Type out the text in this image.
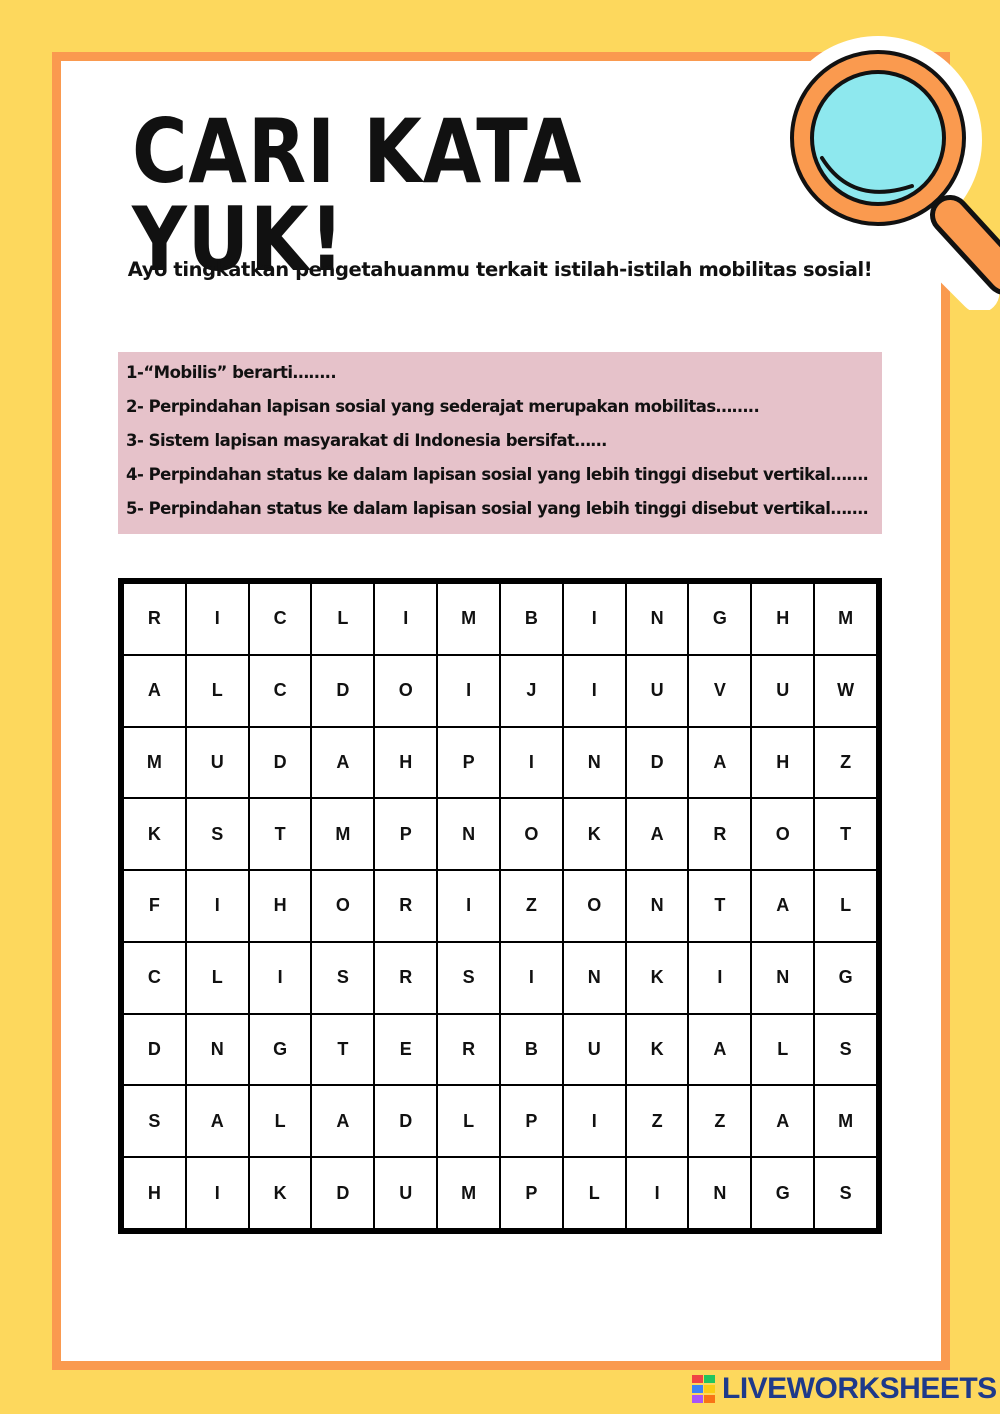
CARI KATA YUK!
Ayo tingkatkan pengetahuanmu terkait istilah-istilah mobilitas sosial!
1-“Mobilis” berarti……..
2- Perpindahan lapisan sosial yang sederajat merupakan mobilitas……..
3- Sistem lapisan masyarakat di Indonesia bersifat……
4- Perpindahan status ke dalam lapisan sosial yang lebih tinggi disebut vertikal…….
5- Perpindahan status ke dalam lapisan sosial yang lebih tinggi disebut vertikal…….
R	I	C	L	I	M	B	I	N	G	H	M
A	L	C	D	O	I	J	I	U	V	U	W
M	U	D	A	H	P	I	N	D	A	H	Z
K	S	T	M	P	N	O	K	A	R	O	T
F	I	H	O	R	I	Z	O	N	T	A	L
C	L	I	S	R	S	I	N	K	I	N	G
D	N	G	T	E	R	B	U	K	A	L	S
S	A	L	A	D	L	P	I	Z	Z	A	M
H	I	K	D	U	M	P	L	I	N	G	S
LIVEWORKSHEETS
